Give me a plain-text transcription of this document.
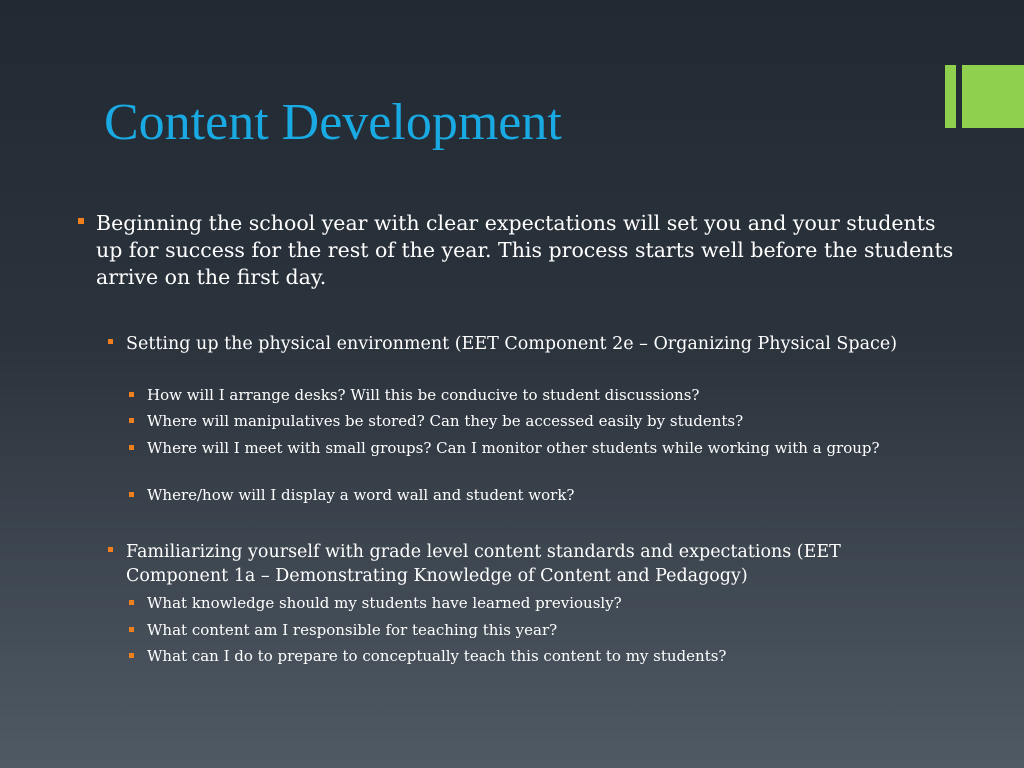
Content Development
Beginning the school year with clear expectations will set you and your students up for success for the rest of the year. This process starts well before the students arrive on the first day.
Setting up the physical environment (EET Component 2e – Organizing Physical Space)
How will I arrange desks? Will this be conducive to student discussions?
Where will manipulatives be stored? Can they be accessed easily by students?
Where will I meet with small groups? Can I monitor other students while working with a group?
Where/how will I display a word wall and student work?
Familiarizing yourself with grade level content standards and expectations (EET Component 1a – Demonstrating Knowledge of Content and Pedagogy)
What knowledge should my students have learned previously?
What content am I responsible for teaching this year?
What can I do to prepare to conceptually teach this content to my students?
